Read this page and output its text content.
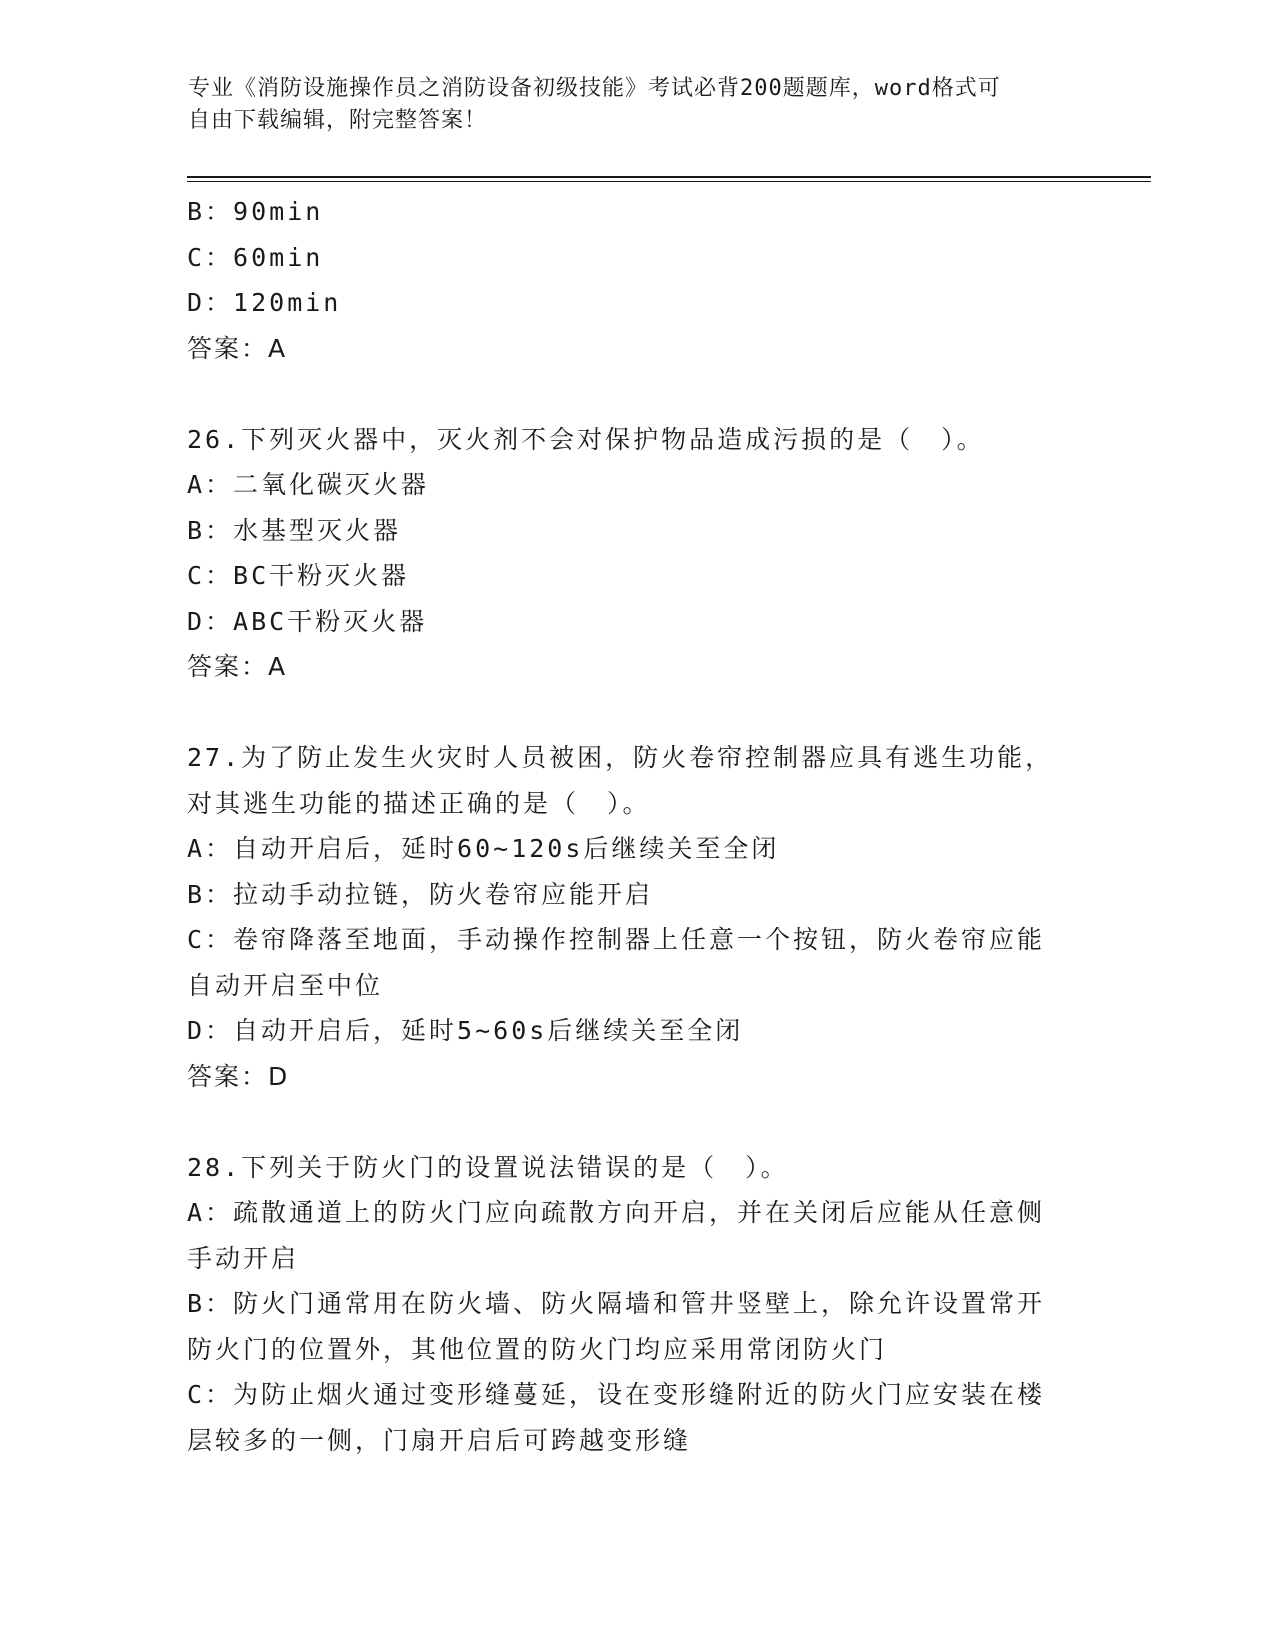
专业《消防设施操作员之消防设备初级技能》考试必背200题题库，word格式可
自由下载编辑，附完整答案！
B：90min
C：60min
D：120min
答案：A
26.下列灭火器中，灭火剂不会对保护物品造成污损的是（　）。
A：二氧化碳灭火器
B：水基型灭火器
C：BC干粉灭火器
D：ABC干粉灭火器
答案：A
27.为了防止发生火灾时人员被困，防火卷帘控制器应具有逃生功能，
对其逃生功能的描述正确的是（　）。
A：自动开启后，延时60~120s后继续关至全闭
B：拉动手动拉链，防火卷帘应能开启
C：卷帘降落至地面，手动操作控制器上任意一个按钮，防火卷帘应能
自动开启至中位
D：自动开启后，延时5~60s后继续关至全闭
答案：D
28.下列关于防火门的设置说法错误的是（　）。
A：疏散通道上的防火门应向疏散方向开启，并在关闭后应能从任意侧
手动开启
B：防火门通常用在防火墙、防火隔墙和管井竖壁上，除允许设置常开
防火门的位置外，其他位置的防火门均应采用常闭防火门
C：为防止烟火通过变形缝蔓延，设在变形缝附近的防火门应安装在楼
层较多的一侧，门扇开启后可跨越变形缝
